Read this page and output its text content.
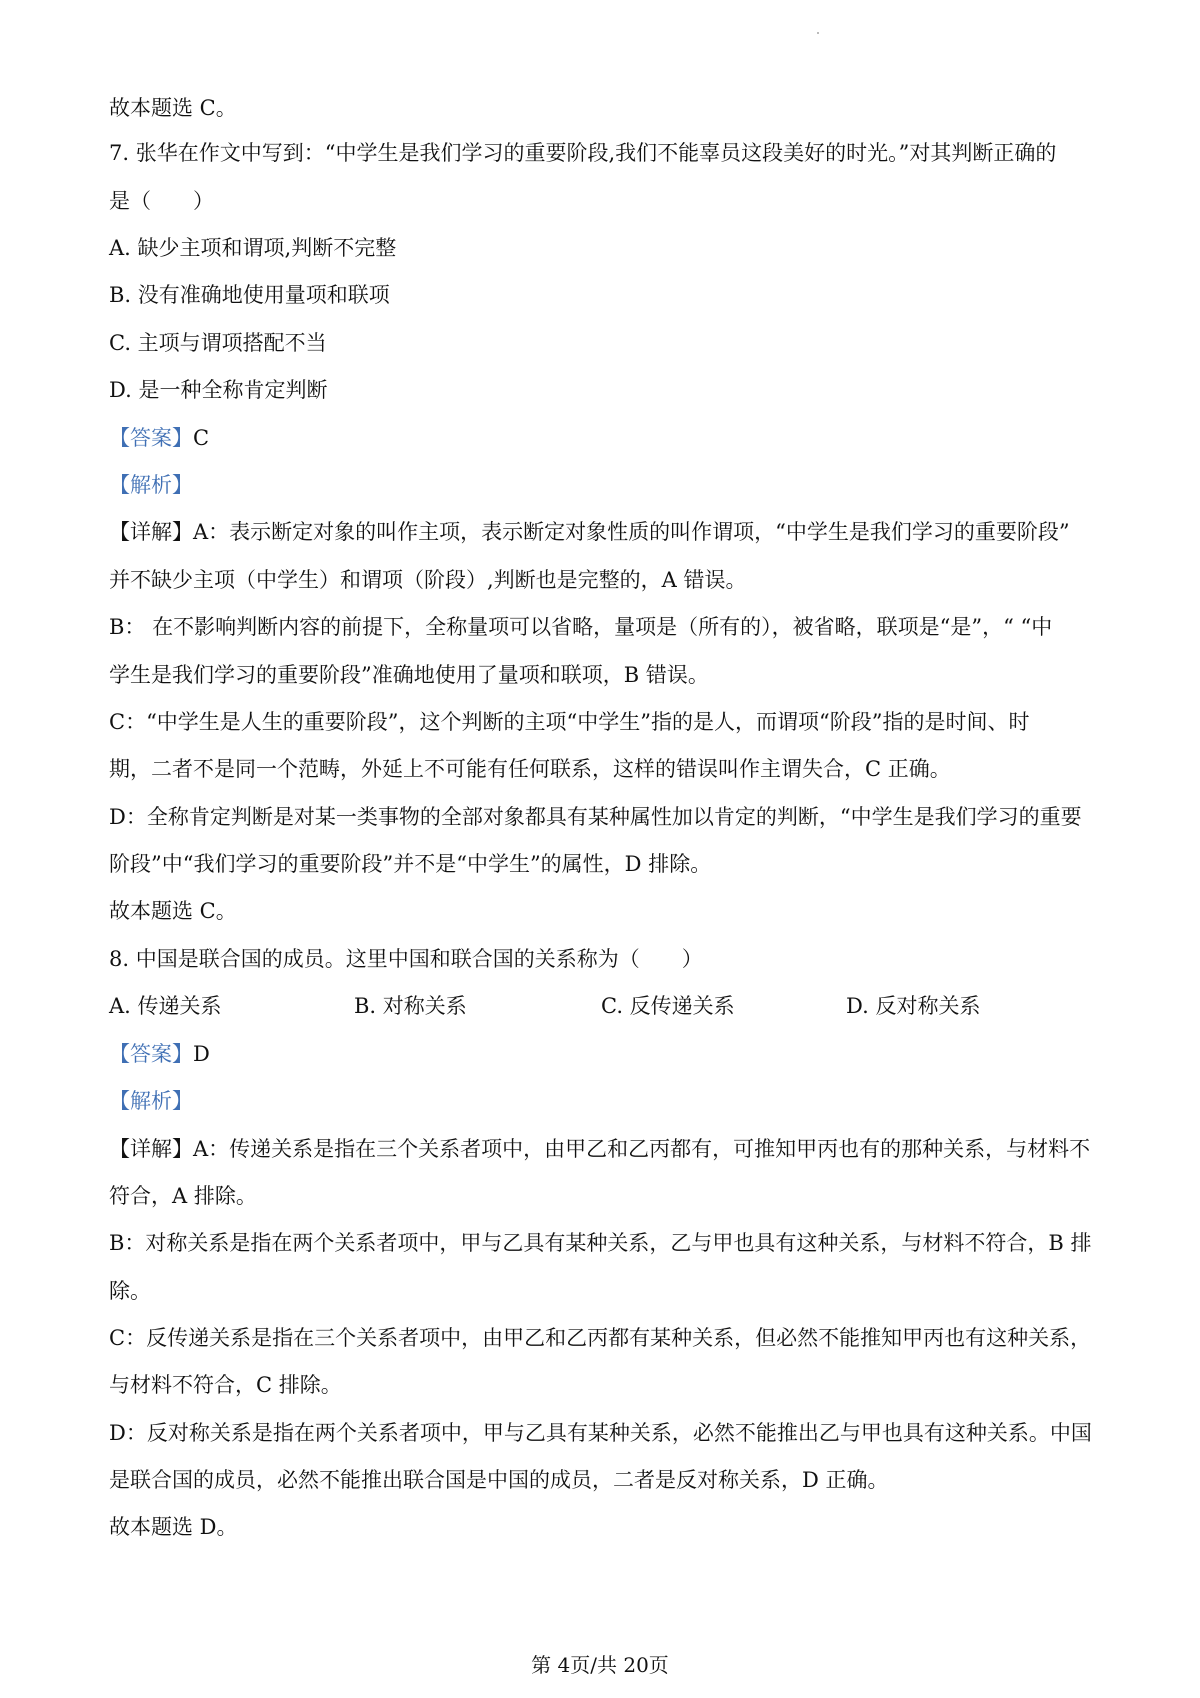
故本题选 C。
7. 张华在作文中写到：“中学生是我们学习的重要阶段,我们不能辜员这段美好的时光。”对其判断正确的
是（　　）
A. 缺少主项和谓项,判断不完整
B. 没有准确地使用量项和联项
C. 主项与谓项搭配不当
D. 是一种全称肯定判断
【答案】C
【解析】
【详解】A：表示断定对象的叫作主项，表示断定对象性质的叫作谓项，“中学生是我们学习的重要阶段”
并不缺少主项（中学生）和谓项（阶段）,判断也是完整的，A 错误。
B： 在不影响判断内容的前提下，全称量项可以省略，量项是（所有的），被省略，联项是“是”，“ “中
学生是我们学习的重要阶段”准确地使用了量项和联项，B 错误。
C：“中学生是人生的重要阶段”，这个判断的主项“中学生”指的是人，而谓项“阶段”指的是时间、时
期，二者不是同一个范畴，外延上不可能有任何联系，这样的错误叫作主谓失合，C 正确。
D：全称肯定判断是对某一类事物的全部对象都具有某种属性加以肯定的判断，“中学生是我们学习的重要
阶段”中“我们学习的重要阶段”并不是“中学生”的属性，D 排除。
故本题选 C。
8. 中国是联合国的成员。这里中国和联合国的关系称为（　　）
A. 传递关系	B. 对称关系	C. 反传递关系	D. 反对称关系
【答案】D
【解析】
【详解】A：传递关系是指在三个关系者项中，由甲乙和乙丙都有，可推知甲丙也有的那种关系，与材料不
符合，A 排除。
B：对称关系是指在两个关系者项中，甲与乙具有某种关系，乙与甲也具有这种关系，与材料不符合，B 排
除。
C：反传递关系是指在三个关系者项中，由甲乙和乙丙都有某种关系，但必然不能推知甲丙也有这种关系，
与材料不符合，C 排除。
D：反对称关系是指在两个关系者项中，甲与乙具有某种关系，必然不能推出乙与甲也具有这种关系。中国
是联合国的成员，必然不能推出联合国是中国的成员，二者是反对称关系，D 正确。
故本题选 D。
第 4页/共 20页
